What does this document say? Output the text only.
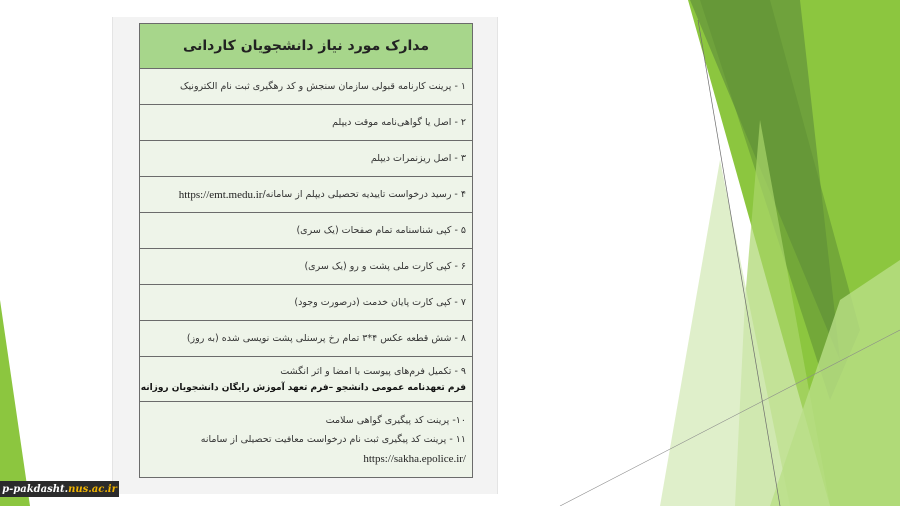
مدارک مورد نیاز دانشجویان کاردانی
۱ - پرینت کارنامه قبولی سازمان سنجش و کد رهگیری ثبت نام الکترونیک
۲ - اصل یا گواهی‌نامه موقت دیپلم
۳ - اصل ریزنمرات دیپلم
۴ - رسید درخواست تاییدیه تحصیلی دیپلم از سامانه/
https://emt.medu.ir
۵ - کپی شناسنامه تمام صفحات (یک سری)
۶ - کپی کارت ملی پشت و رو (یک سری)
۷ - کپی کارت پایان خدمت (درصورت وجود)
۸ - شش قطعه عکس ۴*۳ تمام رخ پرسنلی پشت نویسی شده (به روز)
۹ - تکمیل فرم‌های پیوست با امضا و اثر انگشت
فرم تعهدنامه عمومی دانشجو –فرم تعهد آموزش رایگان دانشجویان روزانه
۱۰- پرینت کد پیگیری گواهی سلامت
۱۱ - پرینت کد پیگیری ثبت نام درخواست معافیت تحصیلی از سامانه
https://sakha.epolice.ir/
p-pakdasht. nus.ac.ir
